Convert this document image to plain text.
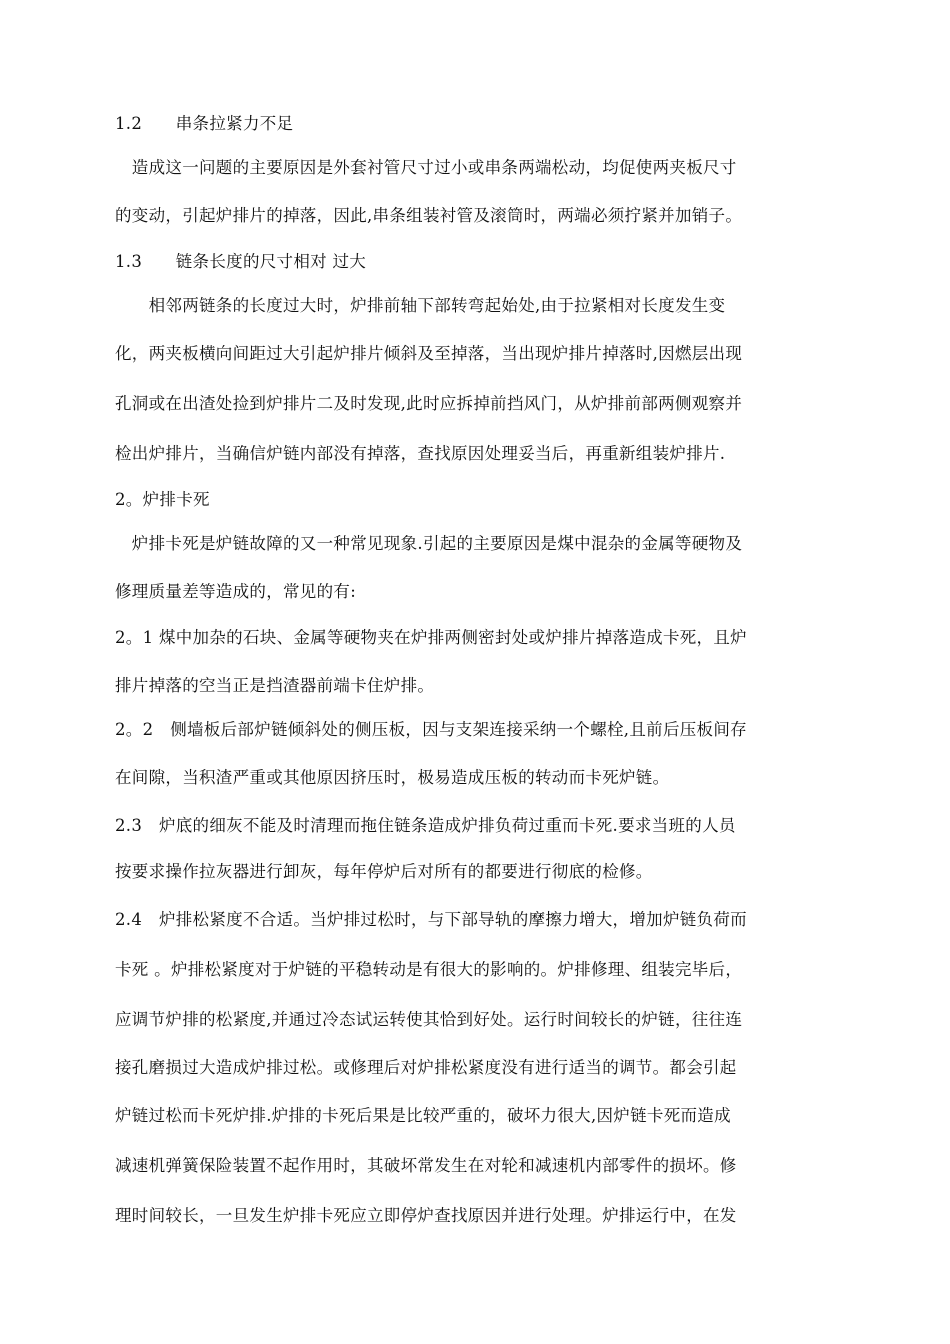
1.2　　串条拉紧力不足
　造成这一问题的主要原因是外套衬管尺寸过小或串条两端松动，均促使两夹板尺寸
的变动，引起炉排片的掉落，因此,串条组装衬管及滚筒时，两端必须拧紧并加销子。
1.3　　链条长度的尺寸相对 过大
　　相邻两链条的长度过大时，炉排前轴下部转弯起始处,由于拉紧相对长度发生变
化，两夹板横向间距过大引起炉排片倾斜及至掉落，当出现炉排片掉落时,因燃层出现
孔洞或在出渣处捡到炉排片二及时发现,此时应拆掉前挡风门，从炉排前部两侧观察并
检出炉排片，当确信炉链内部没有掉落，查找原因处理妥当后，再重新组装炉排片.
2。炉排卡死
　炉排卡死是炉链故障的又一种常见现象.引起的主要原因是煤中混杂的金属等硬物及
修理质量差等造成的，常见的有:
2。1 煤中加杂的石块、金属等硬物夹在炉排两侧密封处或炉排片掉落造成卡死，且炉
排片掉落的空当正是挡渣器前端卡住炉排。
2。2　侧墙板后部炉链倾斜处的侧压板，因与支架连接采纳一个螺栓,且前后压板间存
在间隙，当积渣严重或其他原因挤压时，极易造成压板的转动而卡死炉链。
2.3　炉底的细灰不能及时清理而拖住链条造成炉排负荷过重而卡死.要求当班的人员
按要求操作拉灰器进行卸灰，每年停炉后对所有的都要进行彻底的检修。
2.4　炉排松紧度不合适。当炉排过松时，与下部导轨的摩擦力增大，增加炉链负荷而
卡死 。炉排松紧度对于炉链的平稳转动是有很大的影响的。炉排修理、组装完毕后，
应调节炉排的松紧度,并通过冷态试运转使其恰到好处。运行时间较长的炉链，往往连
接孔磨损过大造成炉排过松。或修理后对炉排松紧度没有进行适当的调节。都会引起
炉链过松而卡死炉排.炉排的卡死后果是比较严重的，破坏力很大,因炉链卡死而造成
减速机弹簧保险装置不起作用时，其破坏常发生在对轮和减速机内部零件的损坏。修
理时间较长，一旦发生炉排卡死应立即停炉查找原因并进行处理。炉排运行中，在发
